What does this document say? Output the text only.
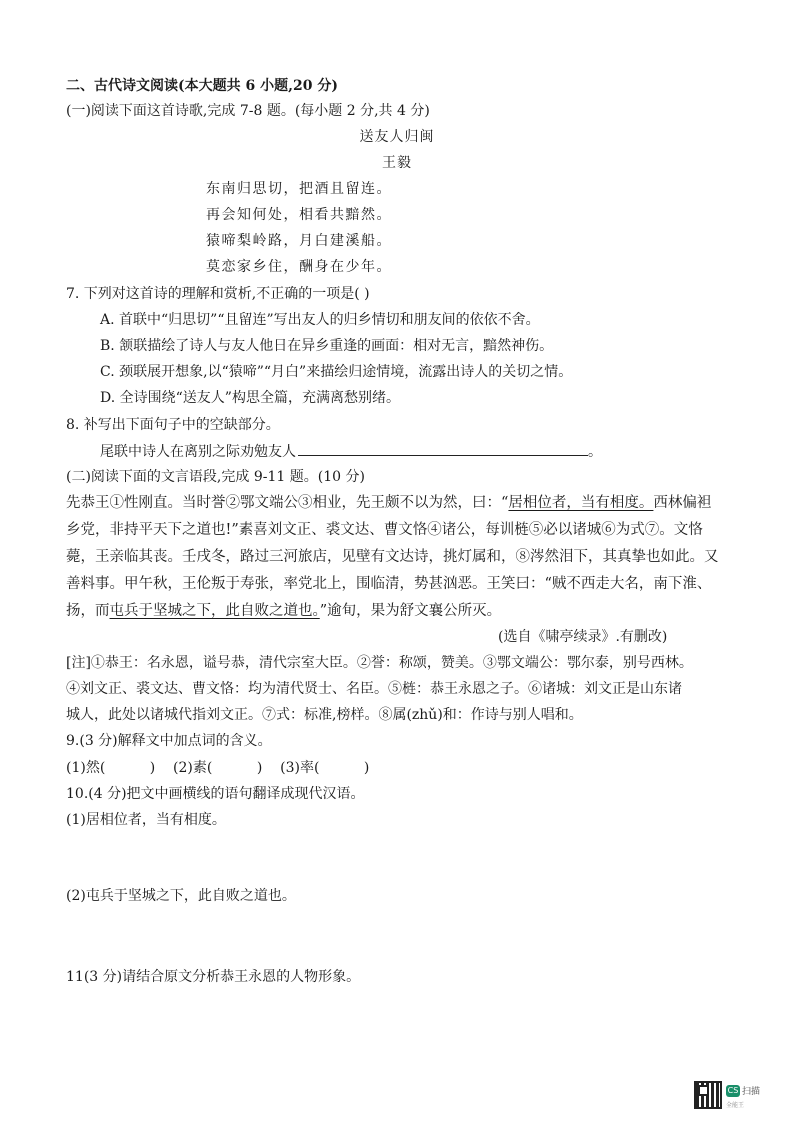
二、古代诗文阅读(本大题共 6 小题,20 分)
(一)阅读下面这首诗歌,完成 7-8 题。(每小题 2 分,共 4 分)
送友人归闽
王毅
东南归思切，把酒且留连。
再会知何处，相看共黯然。
猿啼梨岭路，月白建溪船。
莫恋家乡住，酬身在少年。
7. 下列对这首诗的理解和赏析,不正确的一项是( )
A. 首联中“归思切”“且留连”写出友人的归乡情切和朋友间的依依不舍。
B. 颔联描绘了诗人与友人他日在异乡重逢的画面：相对无言，黯然神伤。
C. 颈联展开想象,以“猿啼”“月白”来描绘归途情境，流露出诗人的关切之情。
D. 全诗围绕“送友人”构思全篇，充满离愁别绪。
8. 补写出下面句子中的空缺部分。
尾联中诗人在离别之际劝勉友人	。
(二)阅读下面的文言语段,完成 9-11 题。(10 分)
先恭王①性刚直。当时誉②鄂文端公③相业，先王颇不以为然，曰：“居相位者，当有相度。西林偏袒
乡党，非持平天下之道也!”素喜刘文正、裘文达、曹文恪④诸公，每训梿⑤必以诸城⑥为式⑦。文恪
薨，王亲临其丧。壬戌冬，路过三河旅店，见壁有文达诗，挑灯属和，⑧涔然泪下，其真挚也如此。又
善料事。甲午秋，王伦叛于寿张，率党北上，围临清，势甚汹恶。王笑曰：“贼不西走大名，南下淮、
扬，而屯兵于坚城之下，此自败之道也。”逾旬，果为舒文襄公所灭。
(选自《啸亭续录》.有删改)
[注]①恭王：名永恩，谥号恭，清代宗室大臣。②誉：称颂，赞美。③鄂文端公：鄂尔泰，别号西林。
④刘文正、裘文达、曹文恪：均为清代贤士、名臣。⑤梿：恭王永恩之子。⑥诸城：刘文正是山东诸
城人，此处以诸城代指刘文正。⑦式：标准,榜样。⑧属(zhǔ)和：作诗与别人唱和。
9.(3 分)解释文中加点词的含义。
(1)然(          )    (2)素(          )    (3)率(          )
10.(4 分)把文中画横线的语句翻译成现代汉语。
(1)居相位者，当有相度。
(2)屯兵于坚城之下，此自败之道也。
11(3 分)请结合原文分析恭王永恩的人物形象。
CS 扫描
全能王
